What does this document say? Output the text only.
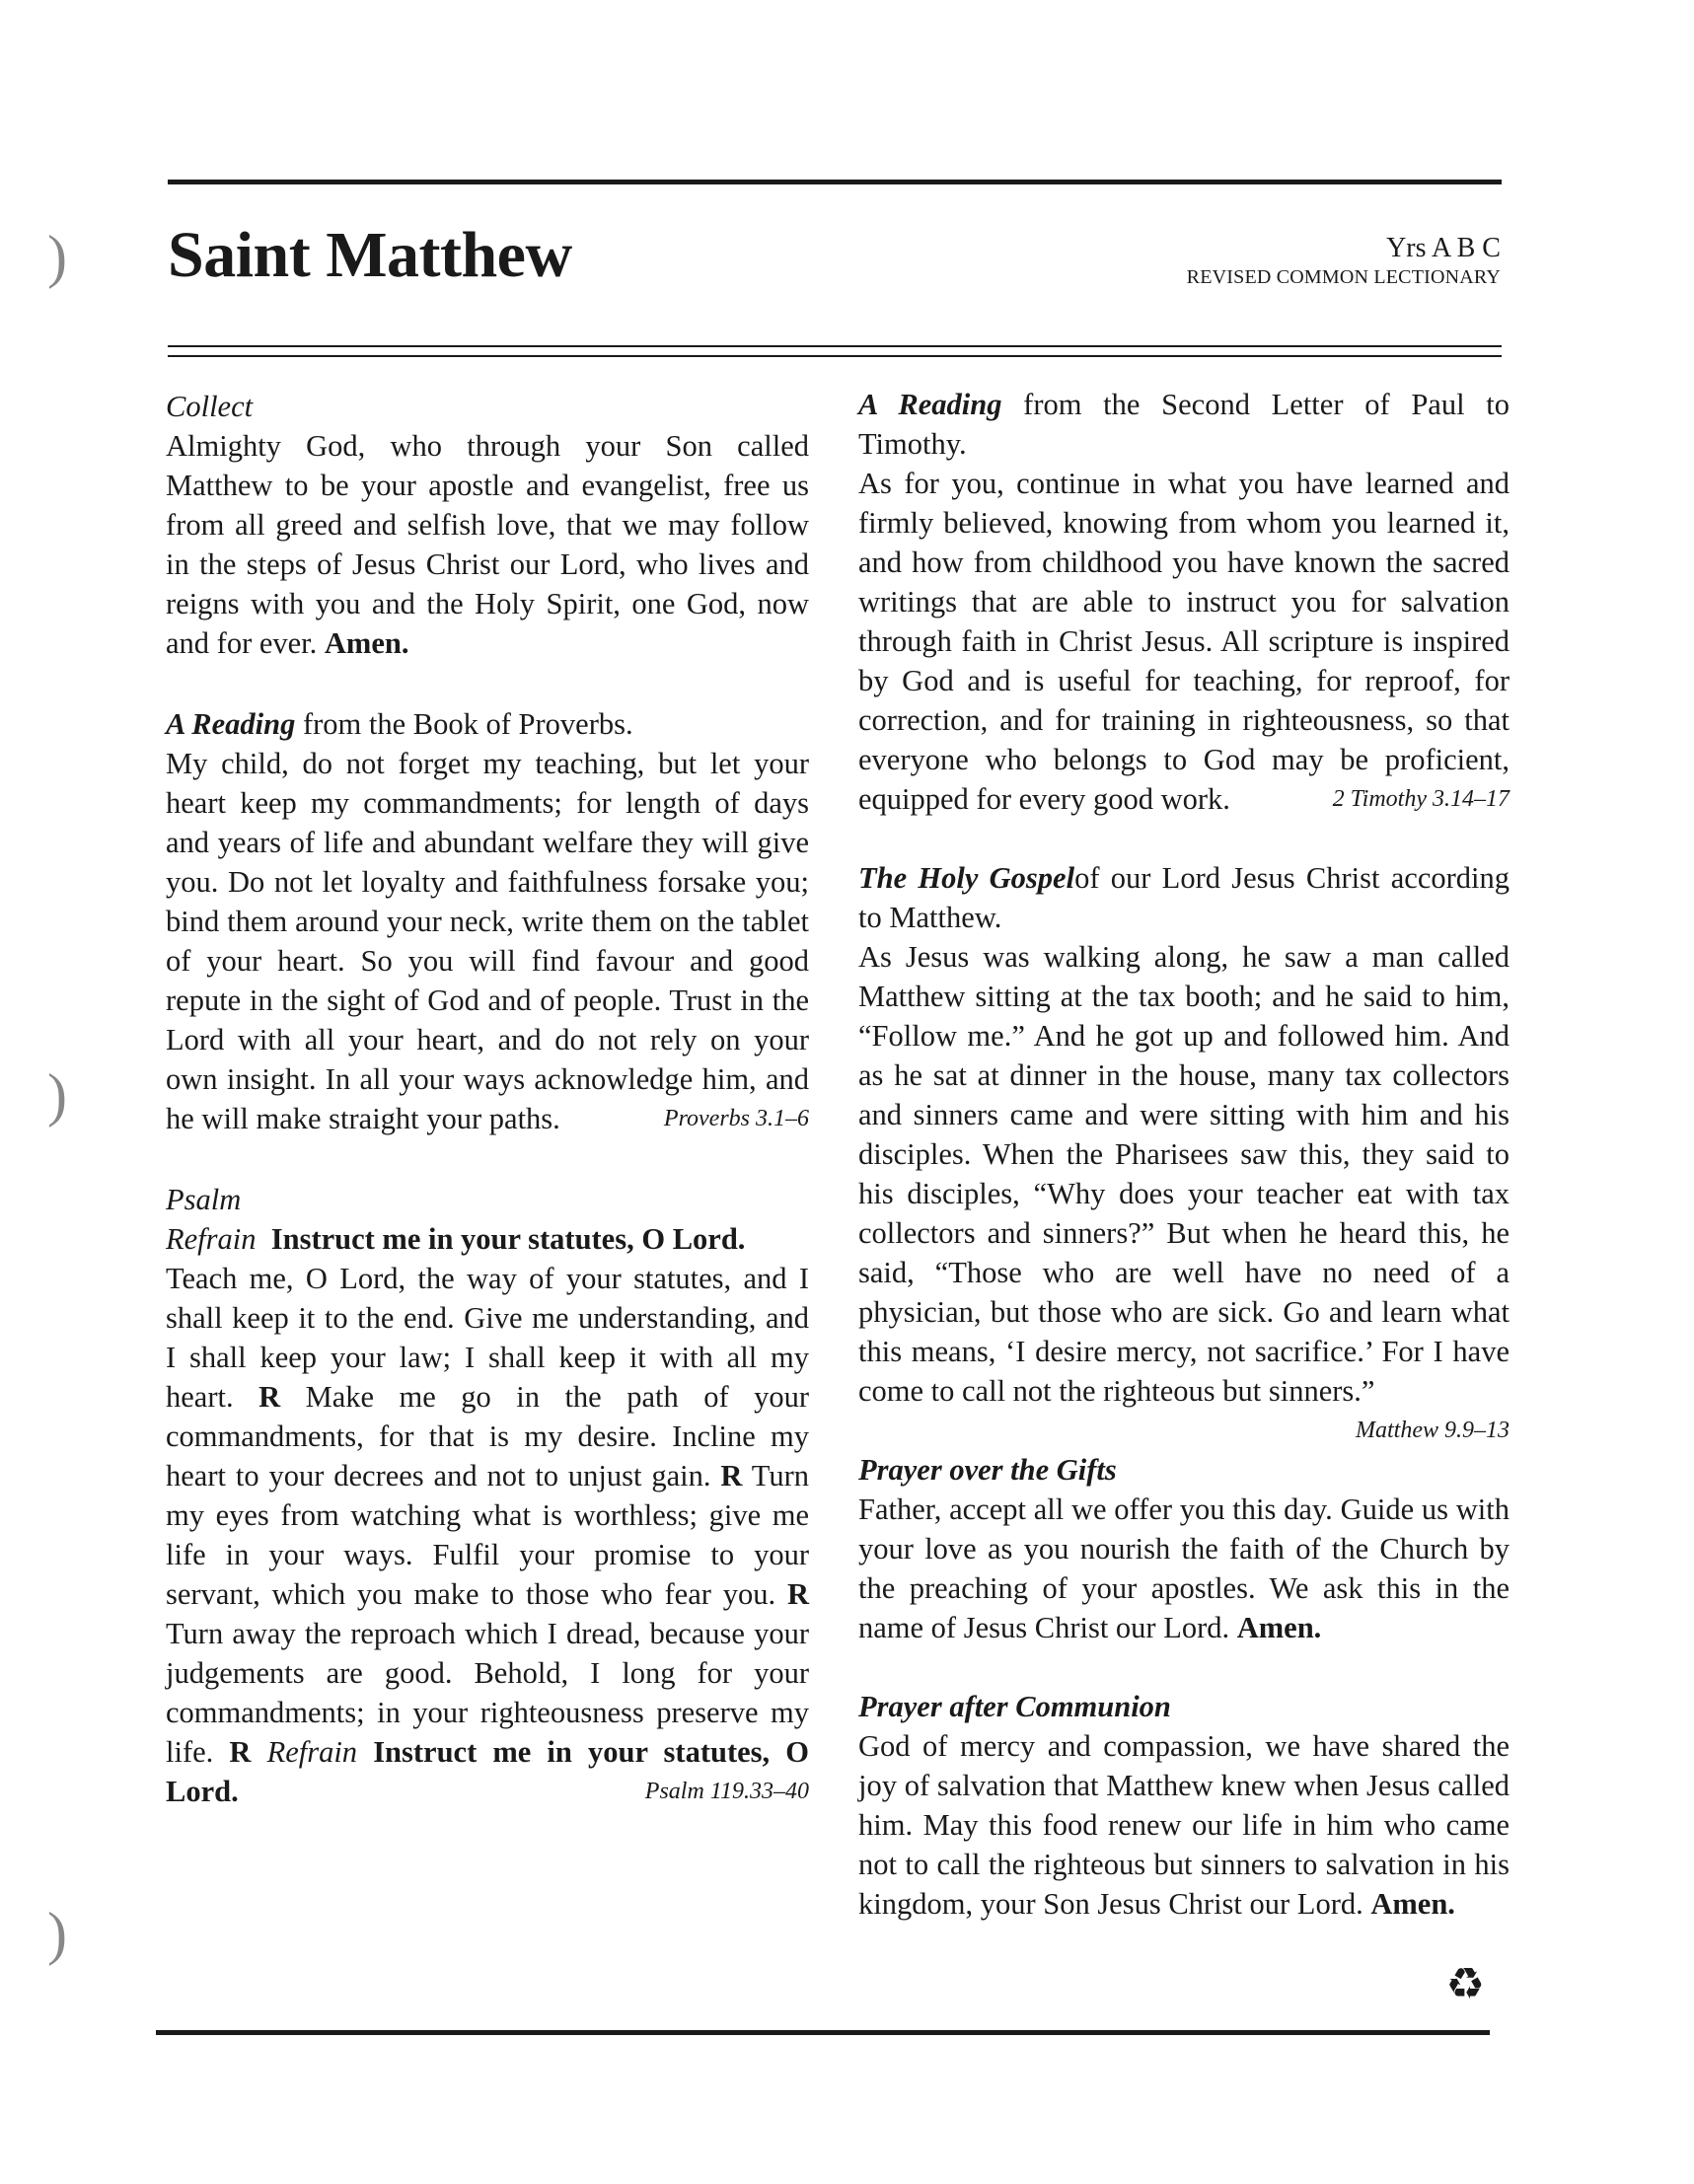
Saint Matthew	Yrs A B C
REVISED COMMON LECTIONARY
Collect
Almighty God, who through your Son called Matthew to be your apostle and evangelist, free us from all greed and selfish love, that we may follow in the steps of Jesus Christ our Lord, who lives and reigns with you and the Holy Spirit, one God, now and for ever. Amen.
A Reading from the Book of Proverbs.
My child, do not forget my teaching, but let your heart keep my commandments; for length of days and years of life and abundant welfare they will give you. Do not let loyalty and faithfulness forsake you; bind them around your neck, write them on the tablet of your heart. So you will find favour and good repute in the sight of God and of people. Trust in the Lord with all your heart, and do not rely on your own insight. In all your ways acknowledge him, and he will make straight your paths.	Proverbs 3.1–6
Psalm
Refrain Instruct me in your statutes, O Lord.
Teach me, O Lord, the way of your statutes, and I shall keep it to the end. Give me understanding, and I shall keep your law; I shall keep it with all my heart. R Make me go in the path of your commandments, for that is my desire. Incline my heart to your decrees and not to unjust gain. R Turn my eyes from watching what is worthless; give me life in your ways. Fulfil your promise to your servant, which you make to those who fear you. R Turn away the reproach which I dread, because your judgements are good. Behold, I long for your commandments; in your righteousness preserve my life. R Refrain Instruct me in your statutes, O Lord.	Psalm 119.33–40
A Reading from the Second Letter of Paul to Timothy.
As for you, continue in what you have learned and firmly believed, knowing from whom you learned it, and how from childhood you have known the sacred writings that are able to instruct you for salvation through faith in Christ Jesus. All scripture is inspired by God and is useful for teaching, for reproof, for correction, and for training in righteousness, so that everyone who belongs to God may be proficient, equipped for every good work.	2 Timothy 3.14–17
The Holy Gospelof our Lord Jesus Christ according to Matthew.
As Jesus was walking along, he saw a man called Matthew sitting at the tax booth; and he said to him, “Follow me.” And he got up and followed him. And as he sat at dinner in the house, many tax collectors and sinners came and were sitting with him and his disciples. When the Pharisees saw this, they said to his disciples, “Why does your teacher eat with tax collectors and sinners?” But when he heard this, he said, “Those who are well have no need of a physician, but those who are sick. Go and learn what this means, ‘I desire mercy, not sacrifice.’ For I have come to call not the righteous but sinners.”
Matthew 9.9–13
Prayer over the Gifts
Father, accept all we offer you this day. Guide us with your love as you nourish the faith of the Church by the preaching of your apostles. We ask this in the name of Jesus Christ our Lord. Amen.
Prayer after Communion
God of mercy and compassion, we have shared the joy of salvation that Matthew knew when Jesus called him. May this food renew our life in him who came not to call the righteous but sinners to salvation in his kingdom, your Son Jesus Christ our Lord. Amen.
♻
)
)
)
